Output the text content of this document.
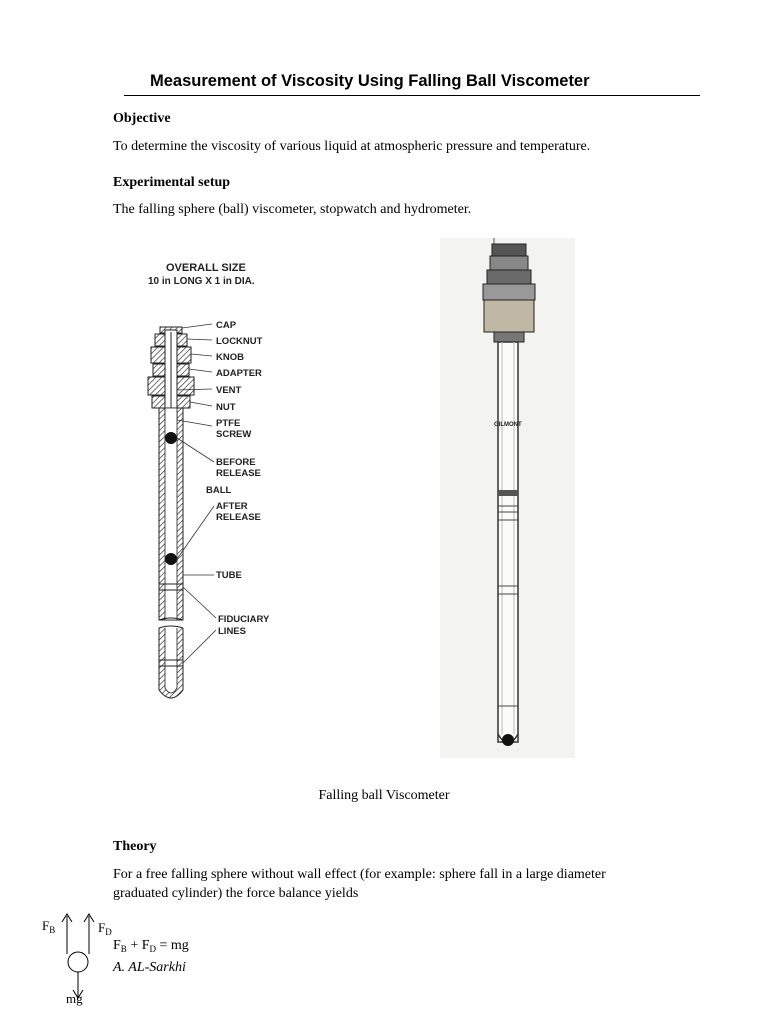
Measurement of Viscosity Using Falling Ball Viscometer
Objective
To determine the viscosity of various liquid at atmospheric pressure and temperature.
Experimental setup
The falling sphere (ball) viscometer, stopwatch and hydrometer.
OVERALL SIZE
10 in LONG X 1 in DIA.
CAP
LOCKNUT
KNOB
ADAPTER
VENT
NUT
PTFE
SCREW
BEFORE
RELEASE
BALL
AFTER
RELEASE
TUBE
FIDUCIARY
LINES
GILMONT
Falling ball Viscometer
Theory
For a free falling sphere without wall effect (for example: sphere fall in a large diameter
graduated cylinder) the force balance yields
$F_B$	$F_D$
mg
$F_B + F_D$ = mg
A. AL-Sarkhi
